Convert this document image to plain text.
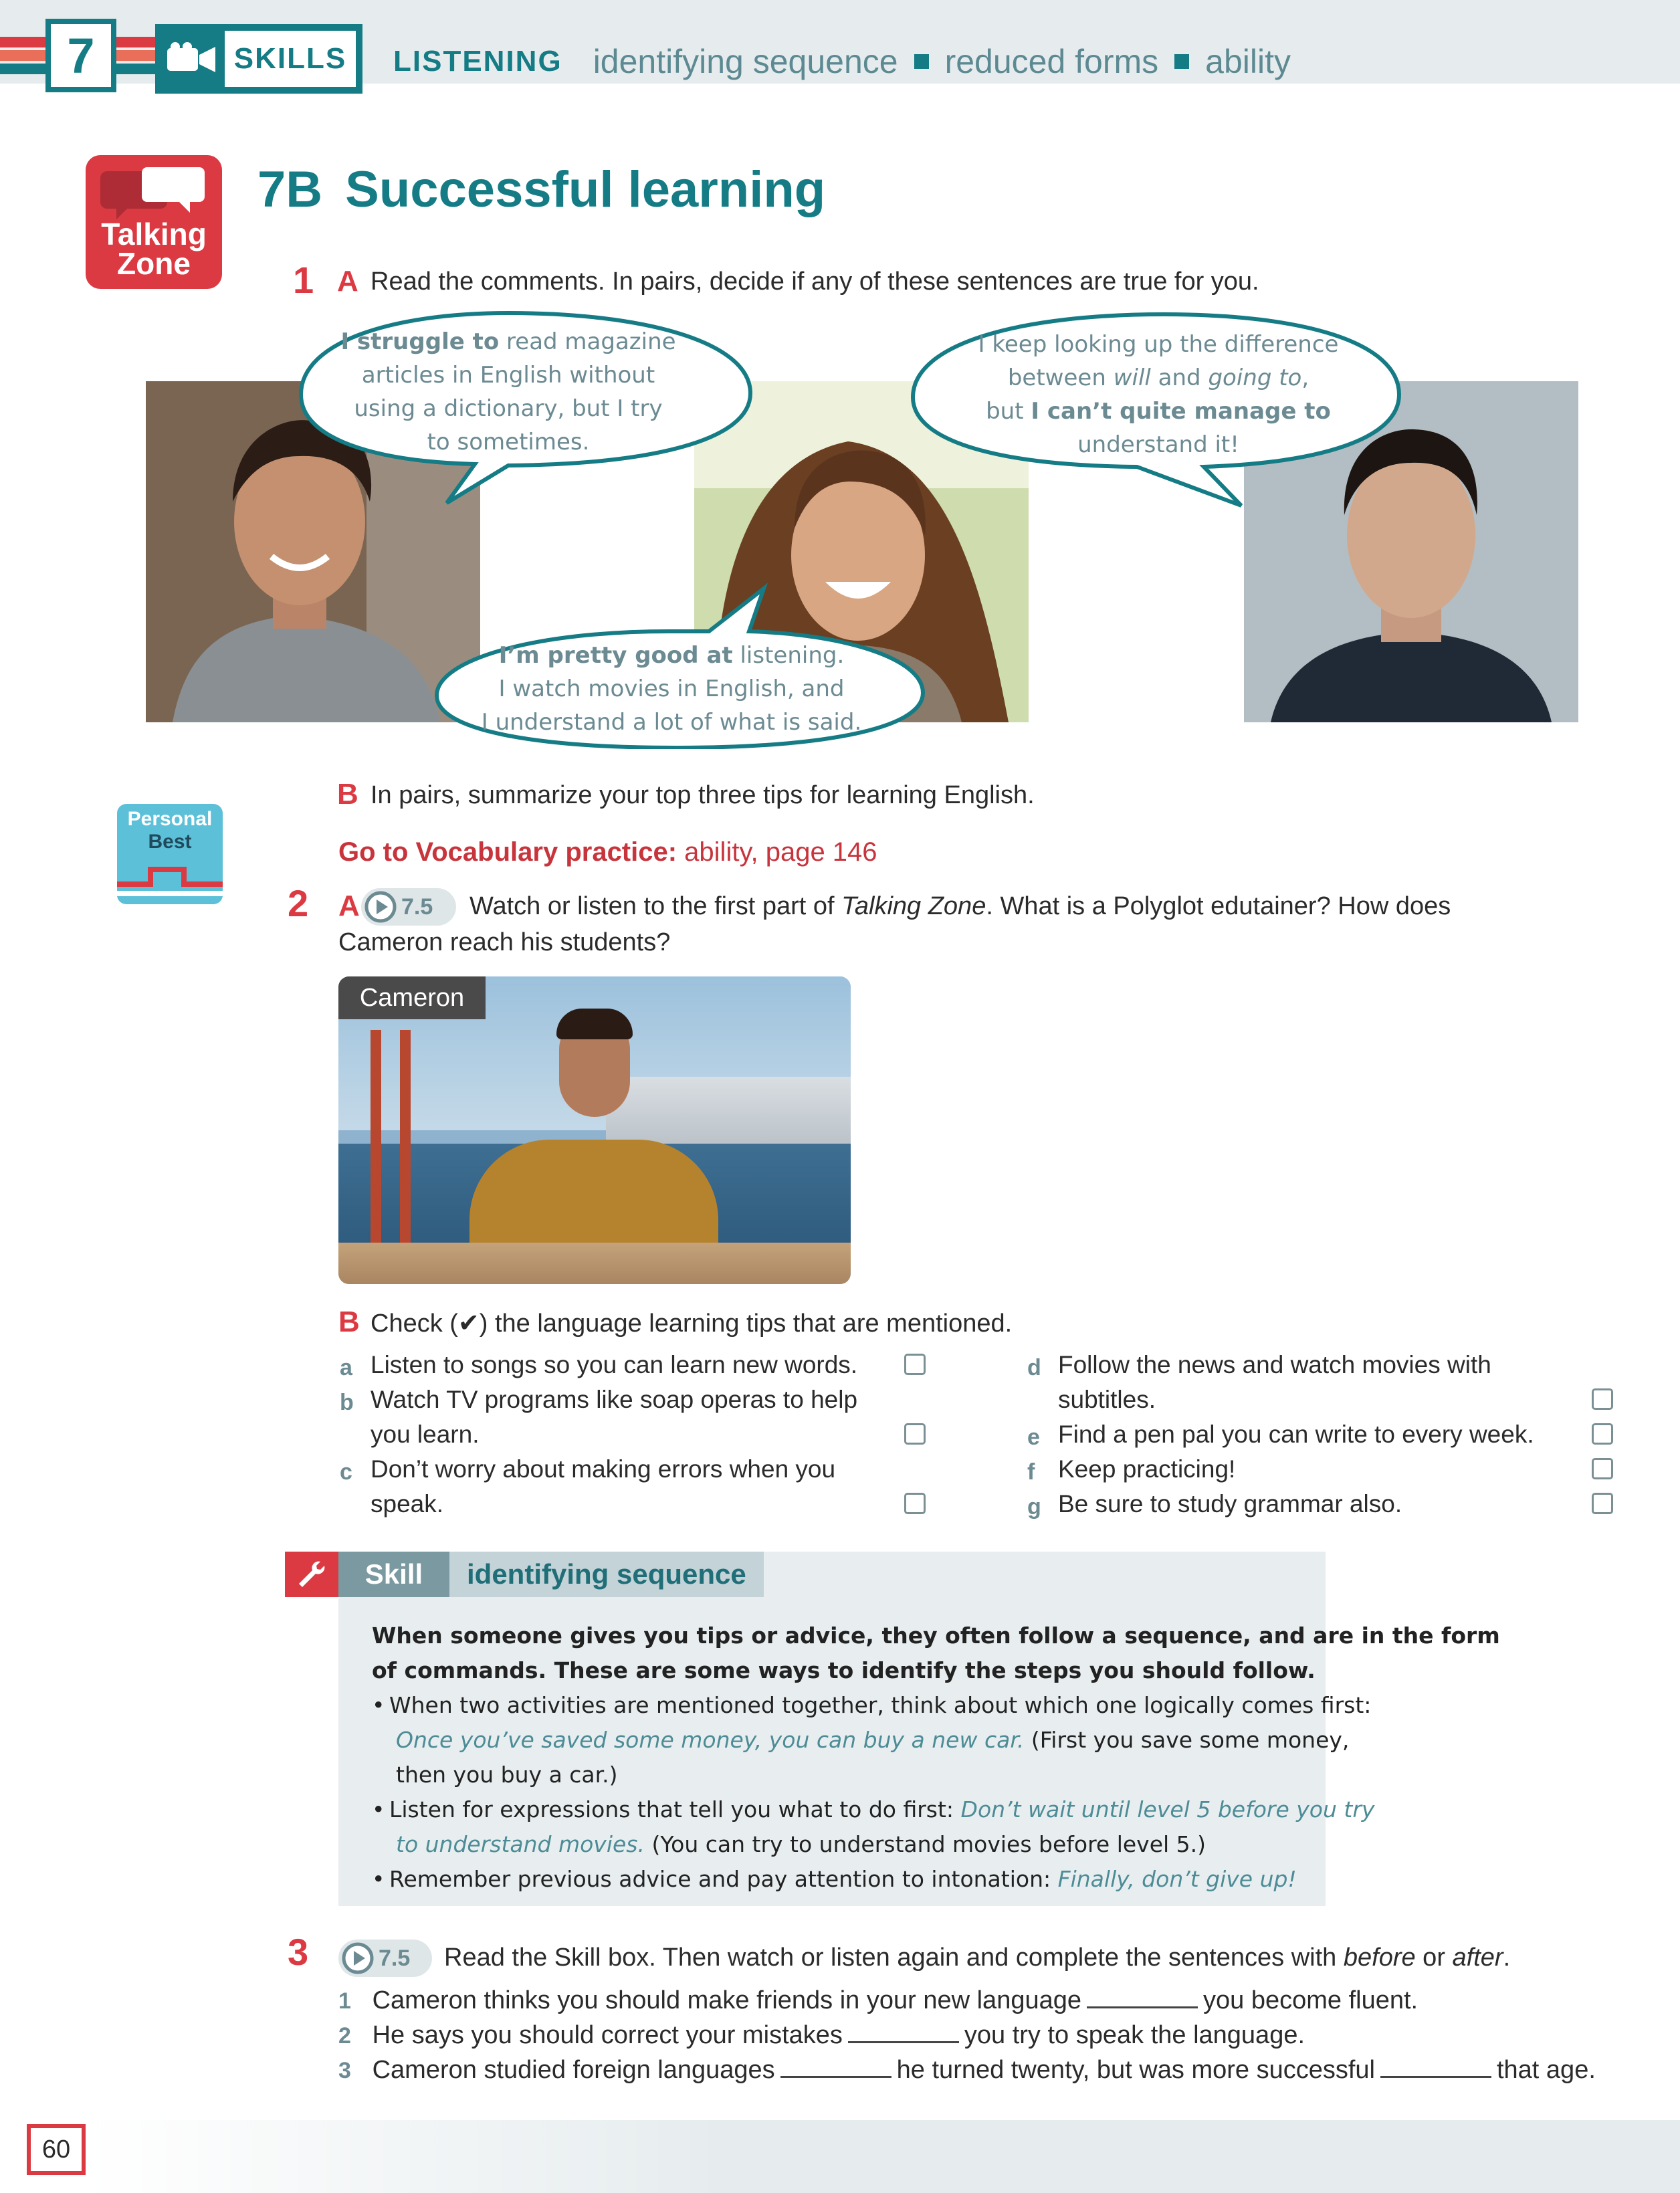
7	SKILLS	LISTENING identifying sequence reduced forms ability
Talking
Zone
7B Successful learning
1 A Read the comments. In pairs, decide if any of these sentences are true for you.
I struggle to read magazine
articles in English without
using a dictionary, but I try
to sometimes.
I keep looking up the difference
between will and going to,
but I can’t quite manage to
understand it!
I’m pretty good at listening.
I watch movies in English, and
I understand a lot of what is said.
B In pairs, summarize your top three tips for learning English.
Personal
Best	Go to Vocabulary practice: ability, page 146
2 A 7.5 Watch or listen to the first part of Talking Zone. What is a Polyglot edutainer? How does
Cameron reach his students?
Cameron
B Check (✔) the language learning tips that are mentioned.
a Listen to songs so you can learn new words.
b Watch TV programs like soap operas to help
you learn.
c Don’t worry about making errors when you
speak.
d Follow the news and watch movies with
subtitles.
e Find a pen pal you can write to every week.
f Keep practicing!
g Be sure to study grammar also.
Skill	identifying sequence
When someone gives you tips or advice, they often follow a sequence, and are in the form
of commands. These are some ways to identify the steps you should follow.
• When two activities are mentioned together, think about which one logically comes first:
Once you’ve saved some money, you can buy a new car. (First you save some money,
then you buy a car.)
• Listen for expressions that tell you what to do first: Don’t wait until level 5 before you try
to understand movies. (You can try to understand movies before level 5.)
• Remember previous advice and pay attention to intonation: Finally, don’t give up!
3	7.5 Read the Skill box. Then watch or listen again and complete the sentences with before or after.
1 Cameron thinks you should make friends in your new language	you become fluent.
2 He says you should correct your mistakes	you try to speak the language.
3 Cameron studied foreign languages	he turned twenty, but was more successful	that age.
60
